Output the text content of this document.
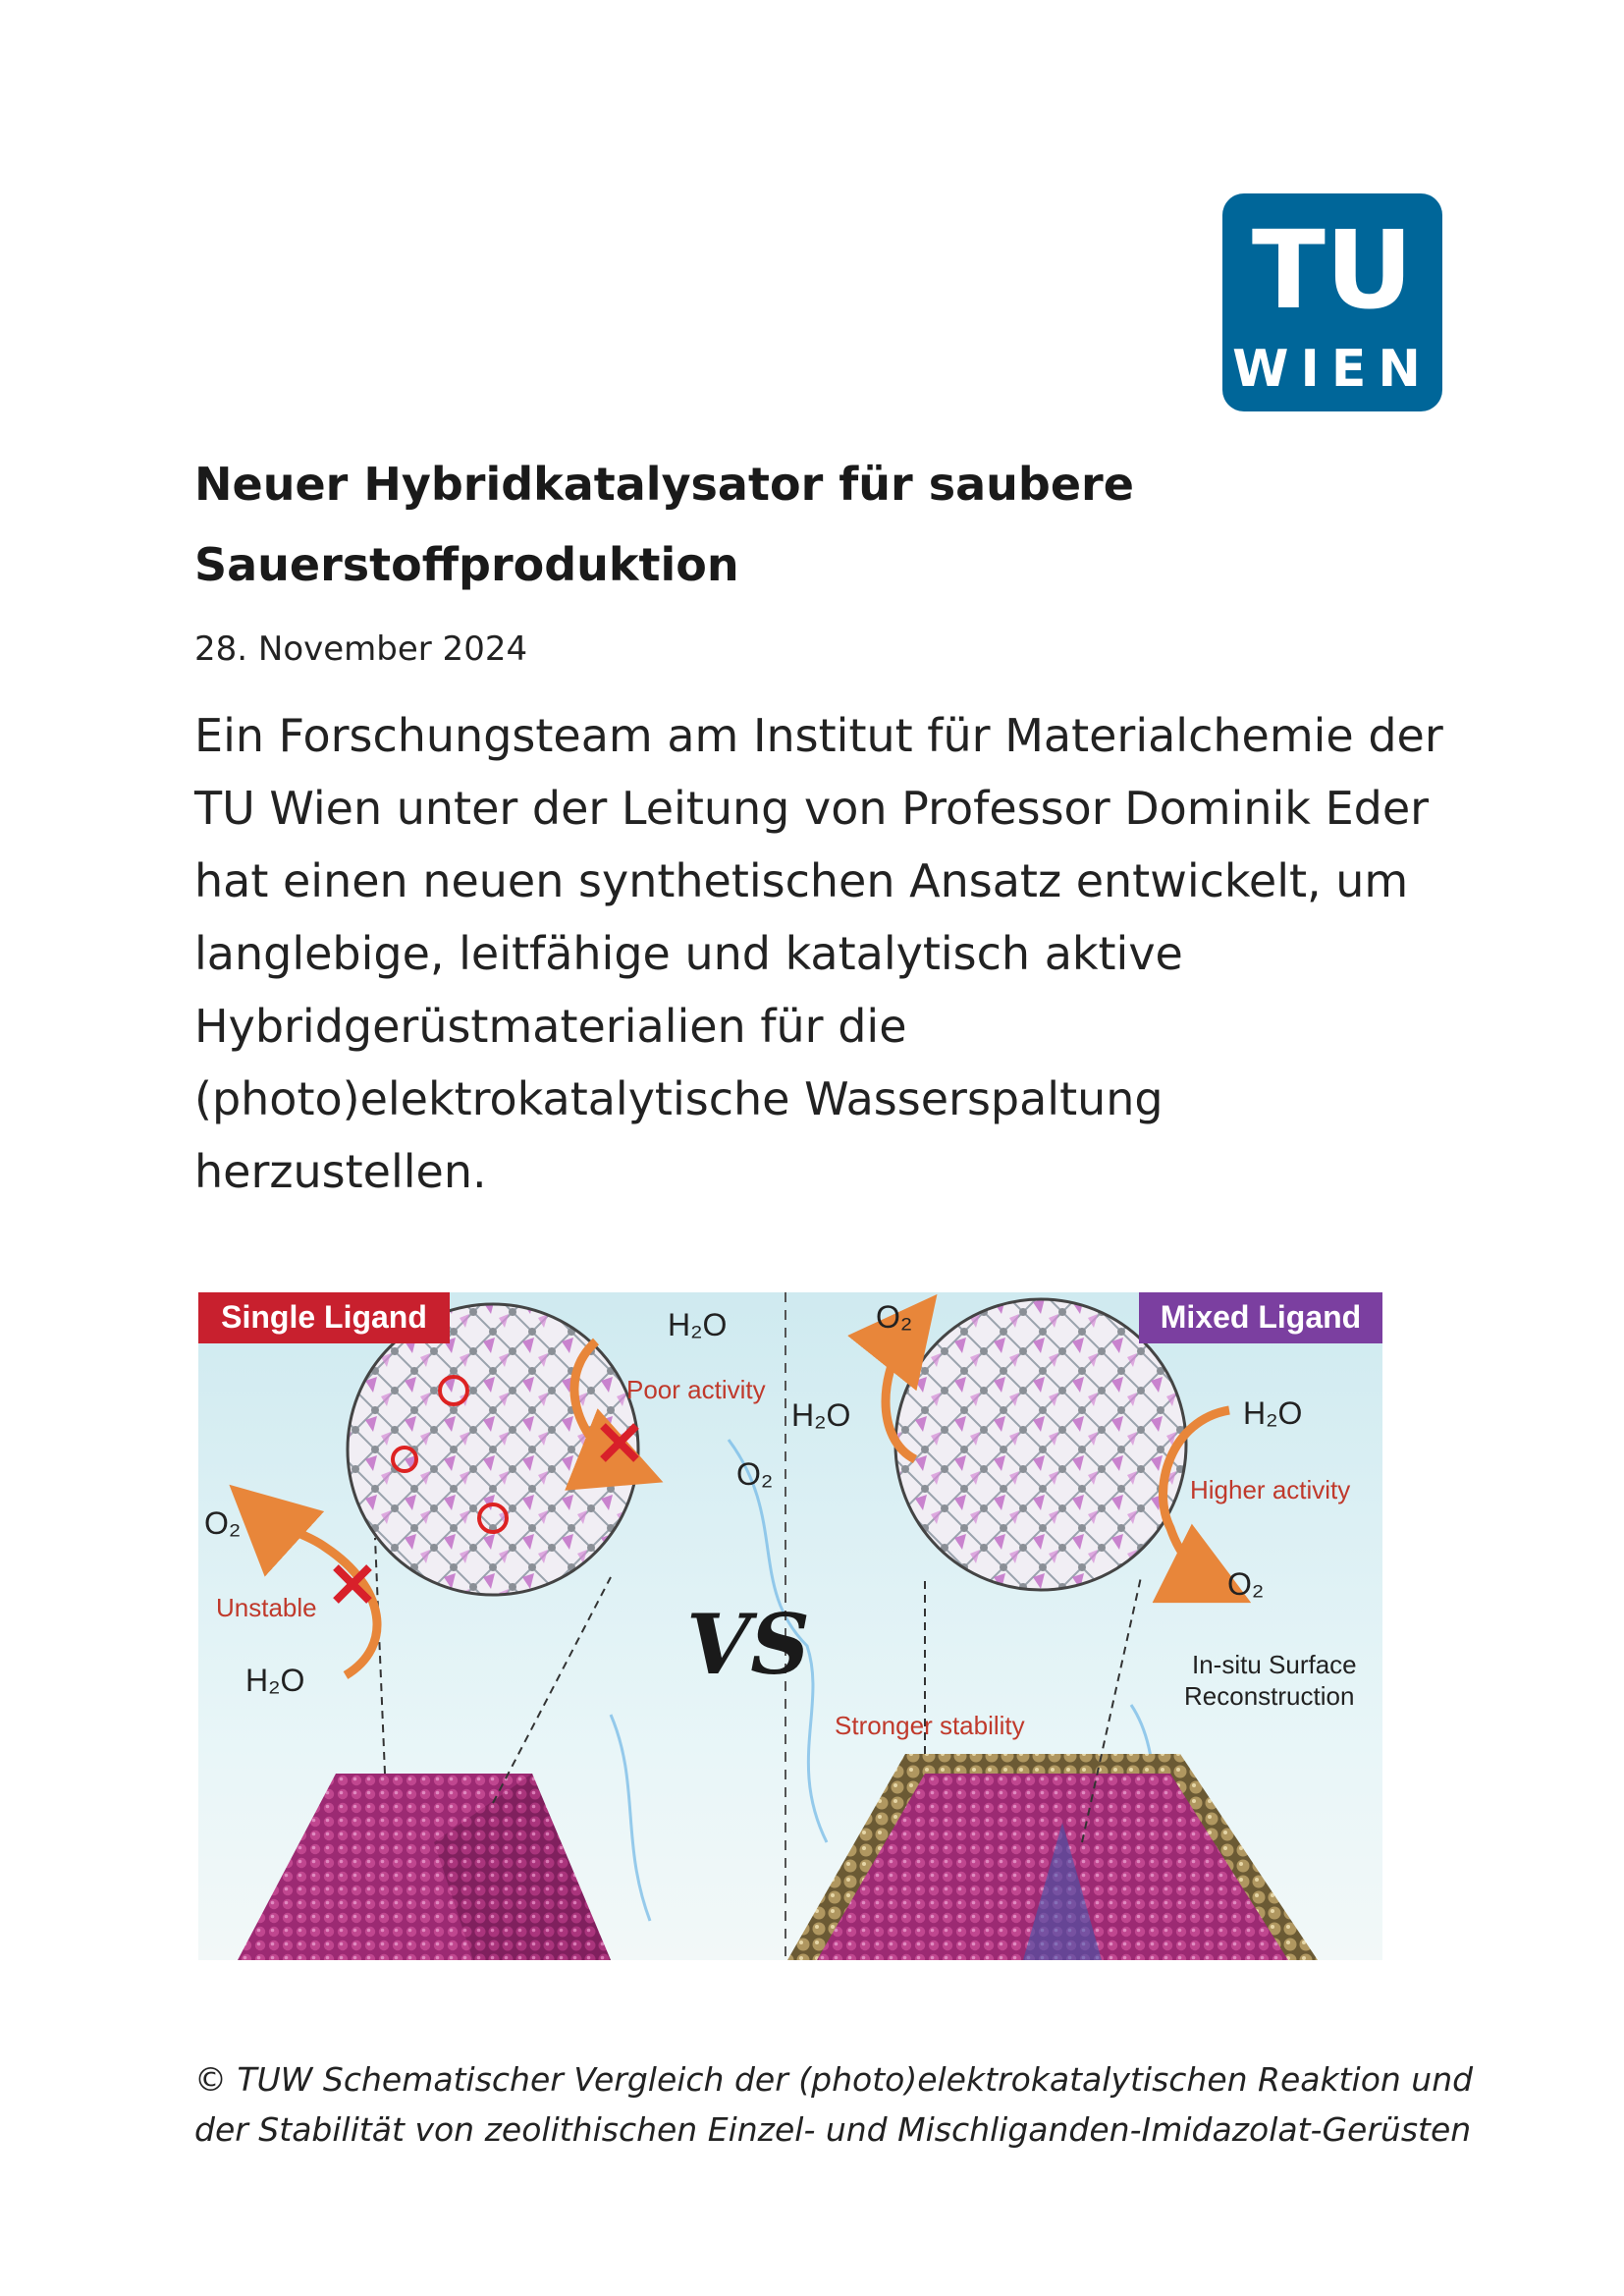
TU
WIEN
Neuer Hybridkatalysator für saubere
Sauerstoffproduktion
28. November 2024
Ein Forschungsteam am Institut für Materialchemie der
TU Wien unter der Leitung von Professor Dominik Eder
hat einen neuen synthetischen Ansatz entwickelt, um
langlebige, leitfähige und katalytisch aktive
Hybridgerüstmaterialien für die
(photo)elektrokatalytische Wasserspaltung
herzustellen.
Single Ligand	Mixed Ligand
H₂O
Poor activity
O₂
O₂
Unstable
H₂O	VS
O₂
H₂O	H₂O
Higher activity
O₂
In-situ Surface
Reconstruction
Stronger stability
© TUW Schematischer Vergleich der (photo)elektrokatalytischen Reaktion und
der Stabilität von zeolithischen Einzel- und Mischliganden-Imidazolat-Gerüsten
